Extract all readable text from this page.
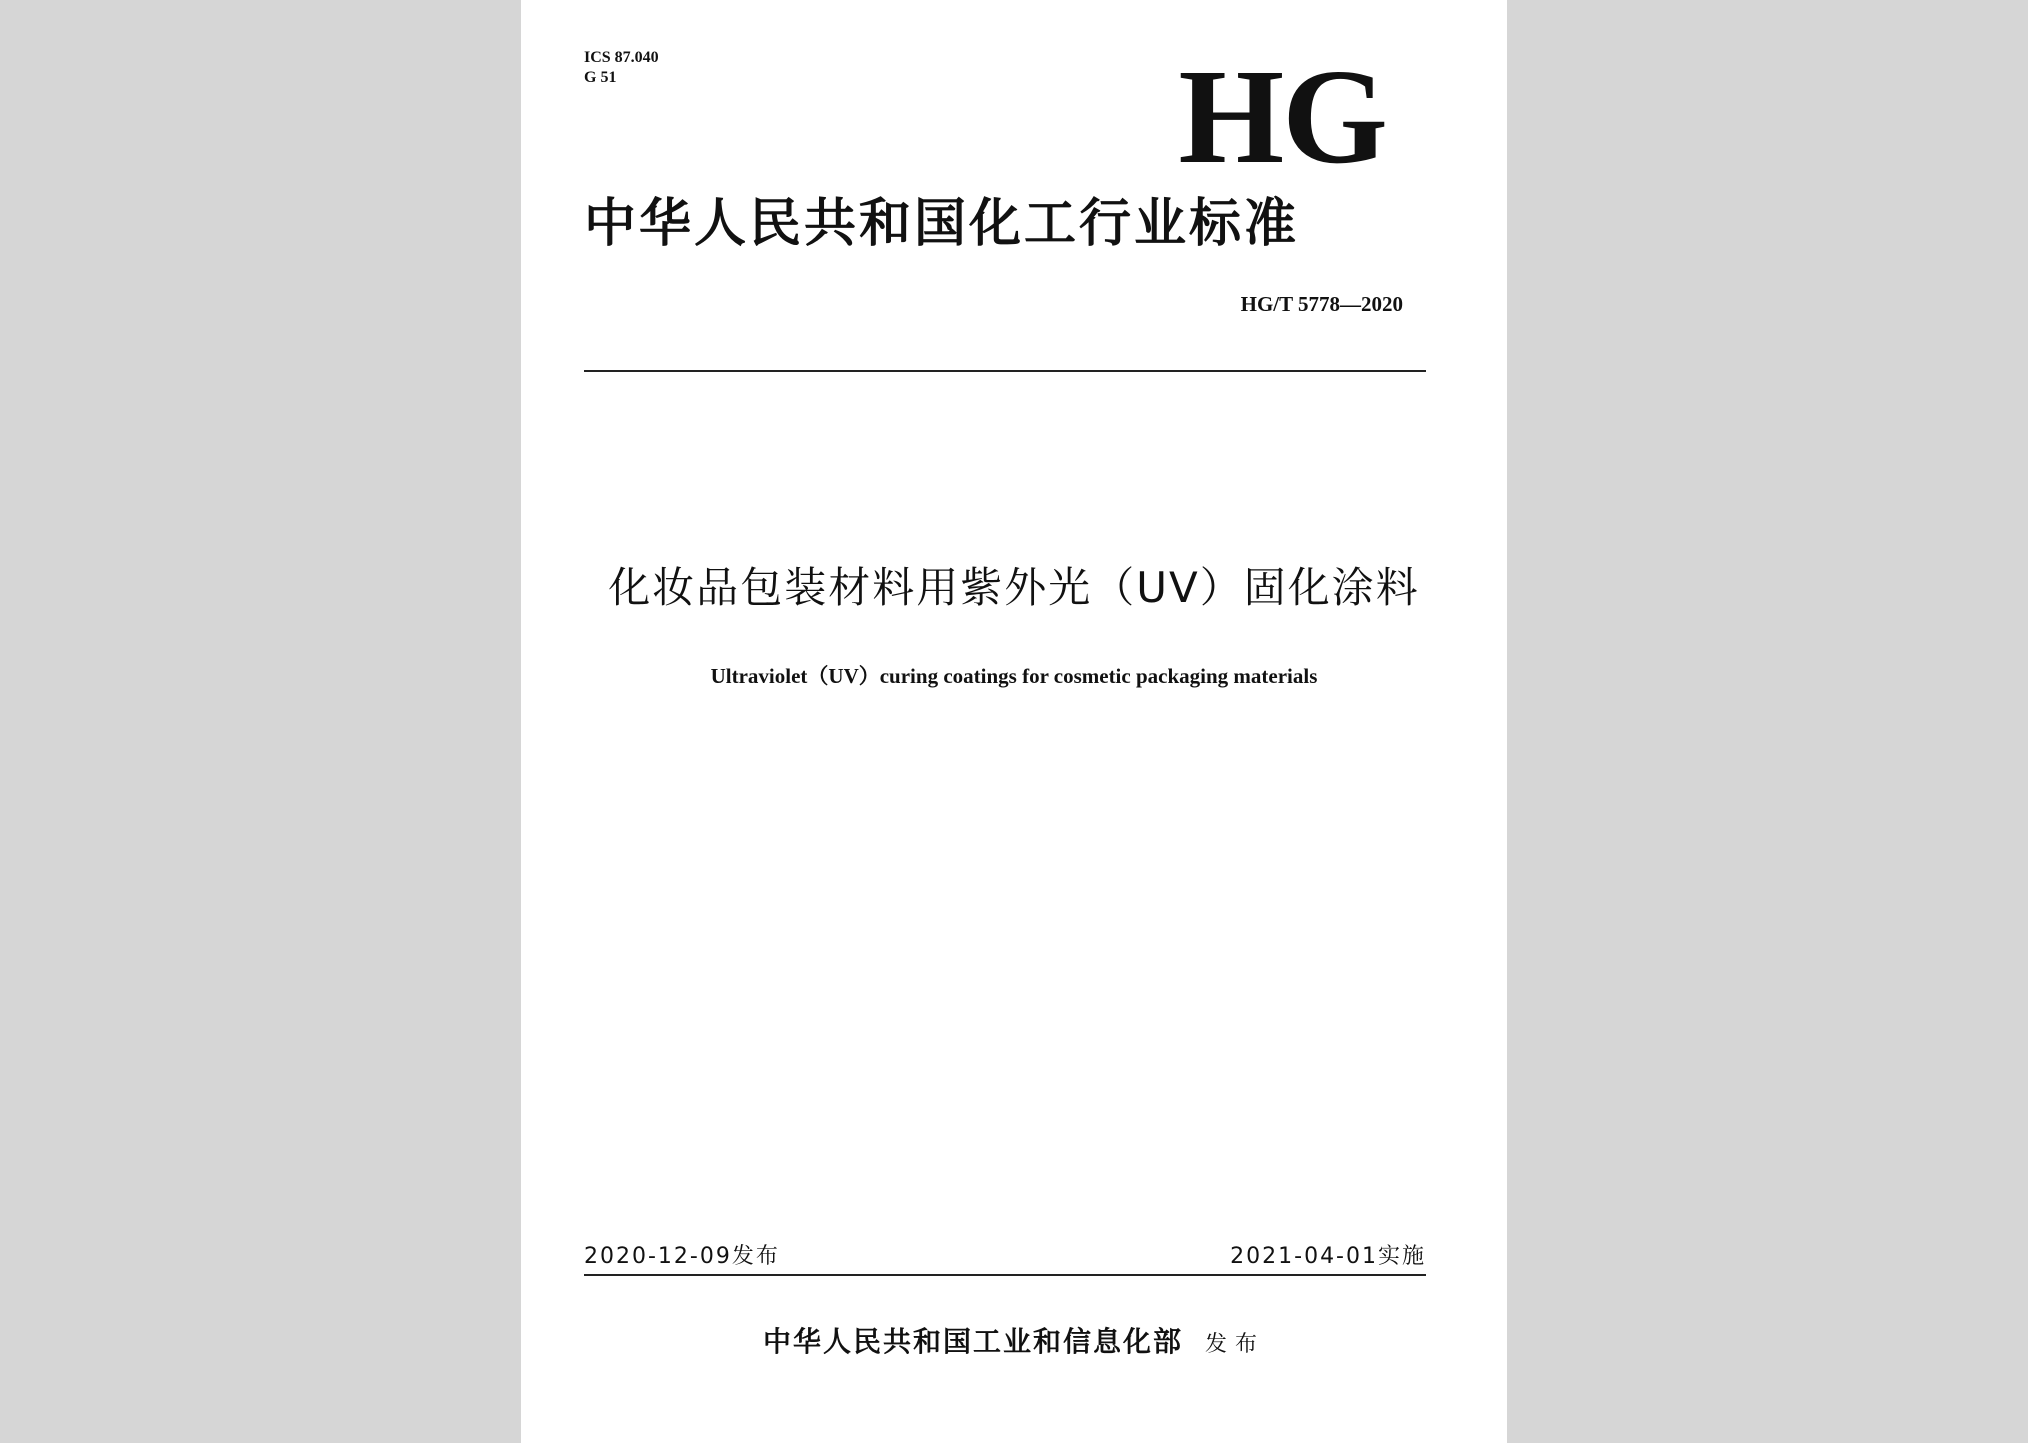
ICS 87.040
G 51	HG
中华人民共和国化工行业标准
HG/T 5778—2020
化妆品包装材料用紫外光（UV）固化涂料
Ultraviolet（UV）curing coatings for cosmetic packaging materials
2020-12-09发布	2021-04-01实施
中华人民共和国工业和信息化部 发布
